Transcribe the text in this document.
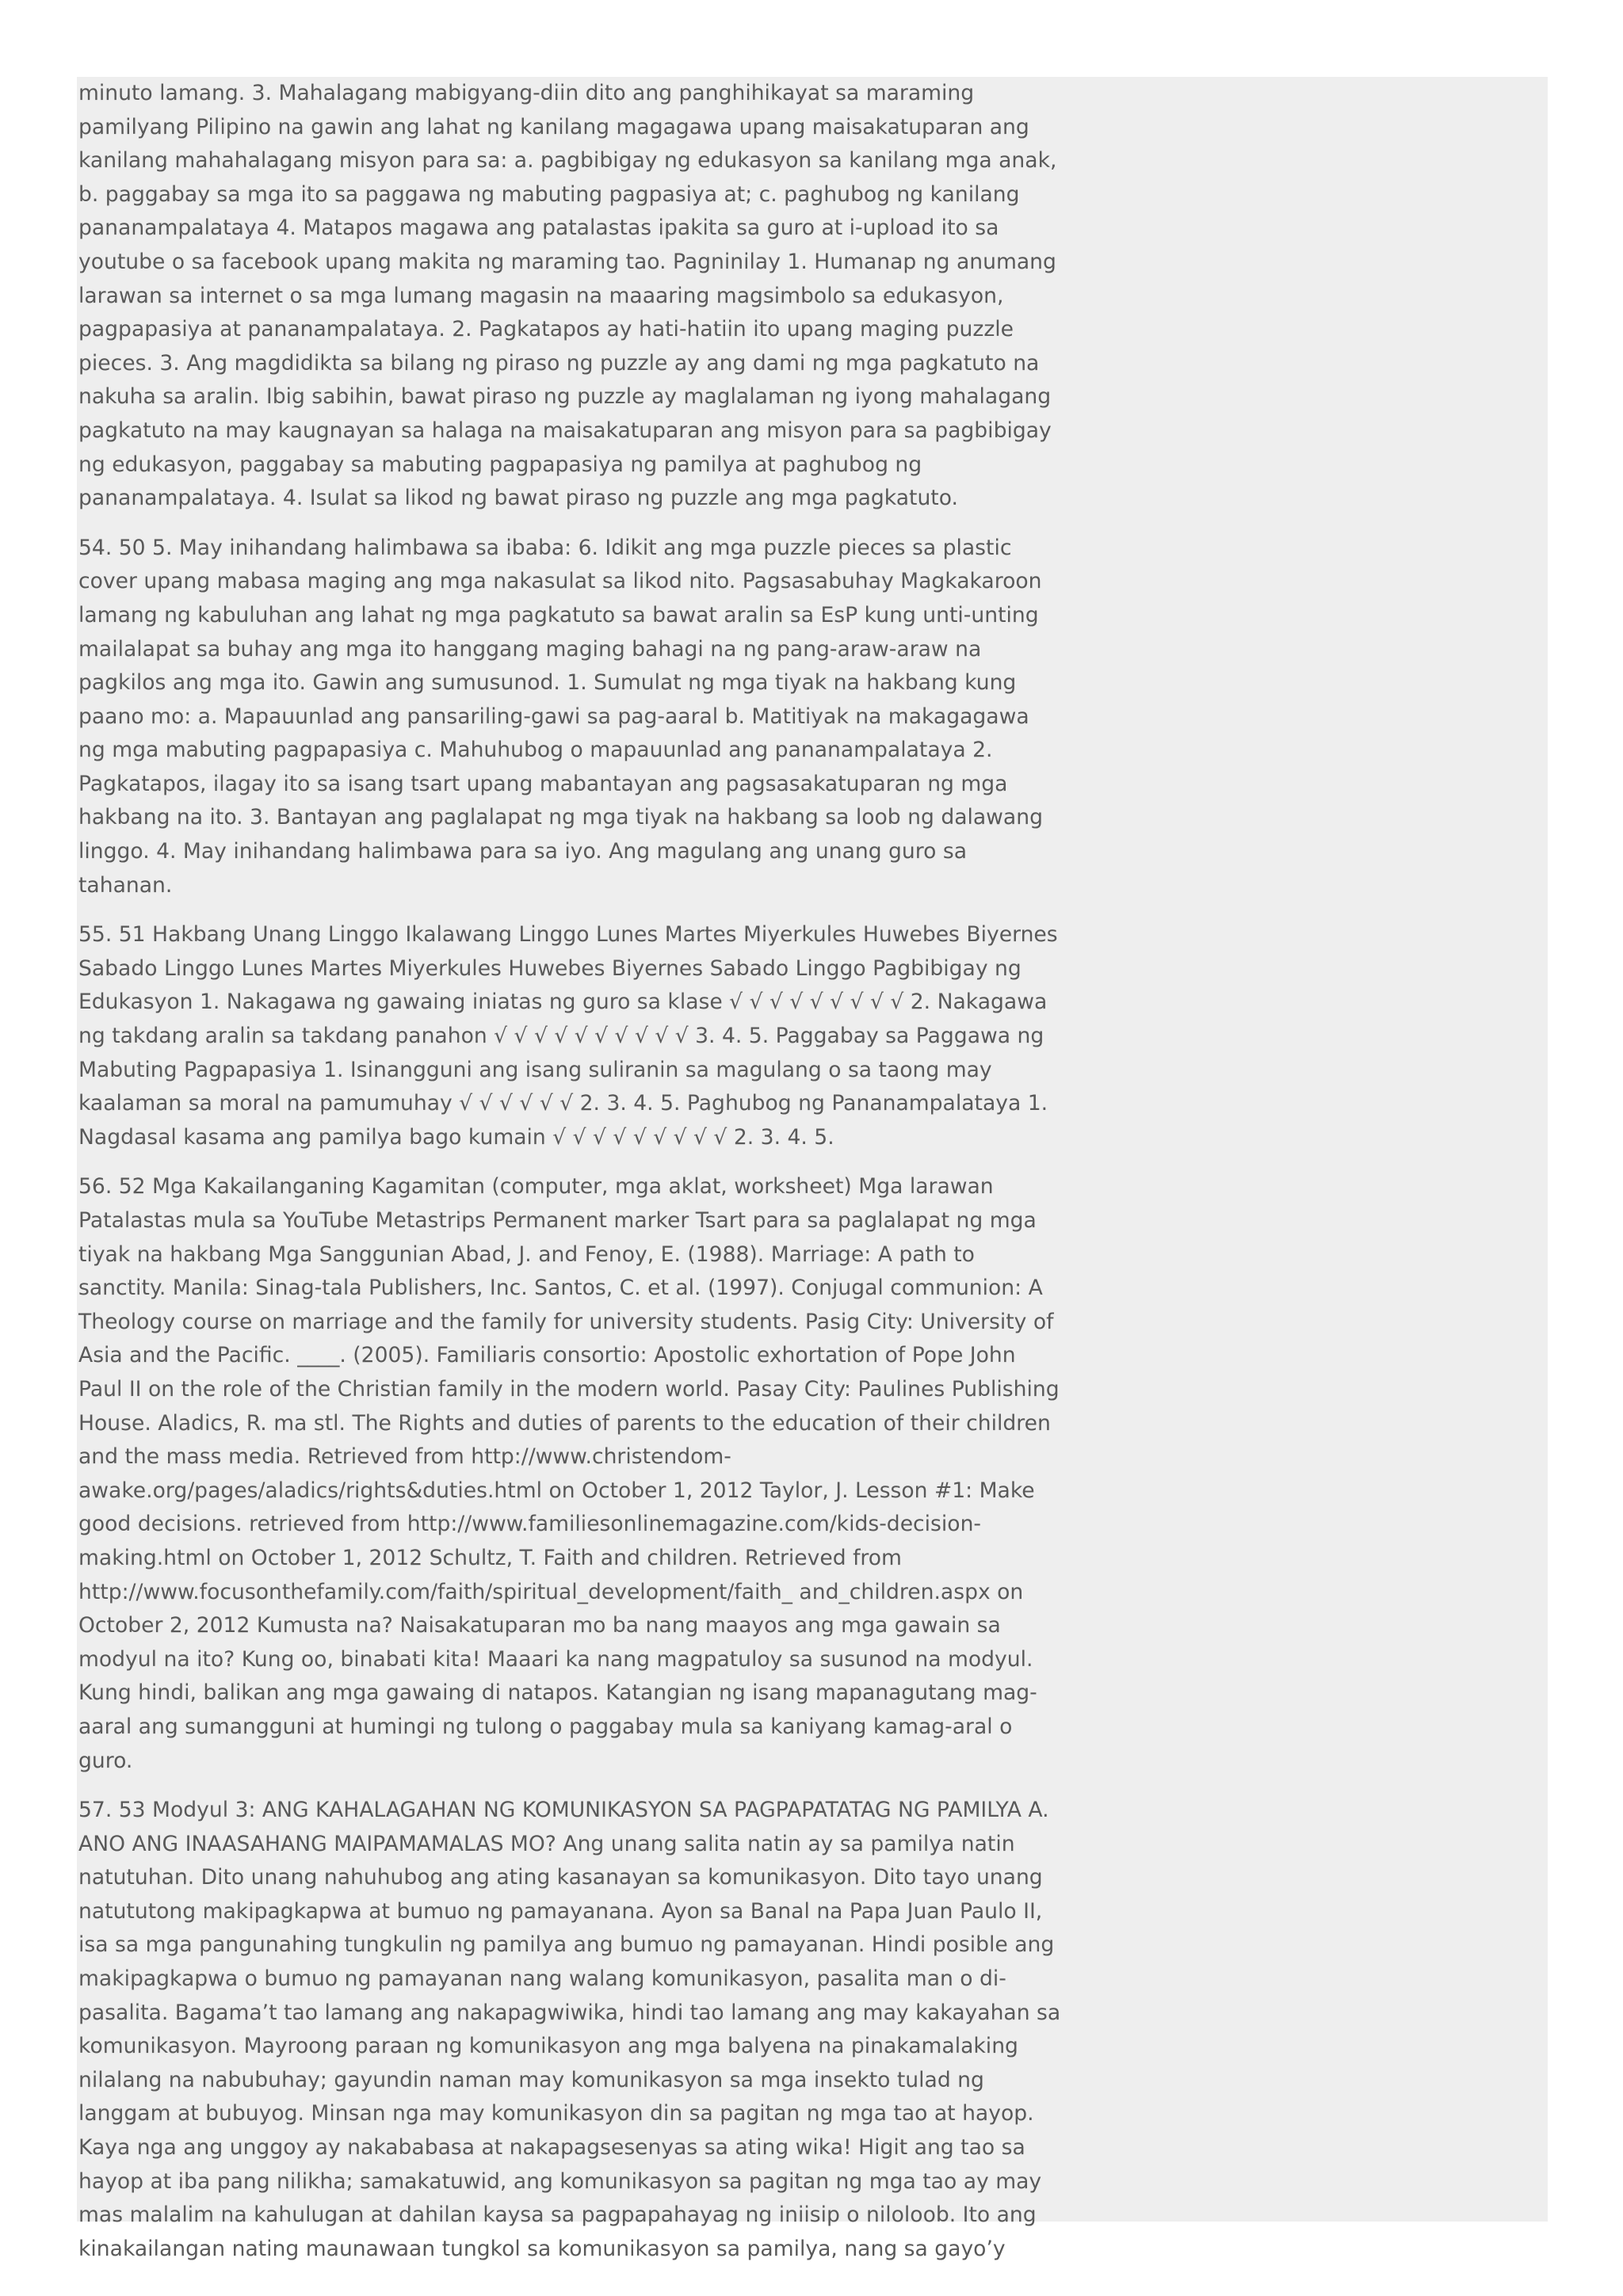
minuto lamang. 3. Mahalagang mabigyang-diin dito ang panghihikayat sa maraming pamilyang Pilipino na gawin ang lahat ng kanilang magagawa upang maisakatuparan ang kanilang mahahalagang misyon para sa: a. pagbibigay ng edukasyon sa kanilang mga anak, b. paggabay sa mga ito sa paggawa ng mabuting pagpasiya at; c. paghubog ng kanilang pananampalataya 4. Matapos magawa ang patalastas ipakita sa guro at i-upload ito sa youtube o sa facebook upang makita ng maraming tao. Pagninilay 1. Humanap ng anumang larawan sa internet o sa mga lumang magasin na maaaring magsimbolo sa edukasyon, pagpapasiya at pananampalataya. 2. Pagkatapos ay hati-hatiin ito upang maging puzzle pieces. 3. Ang magdidikta sa bilang ng piraso ng puzzle ay ang dami ng mga pagkatuto na nakuha sa aralin. Ibig sabihin, bawat piraso ng puzzle ay maglalaman ng iyong mahalagang pagkatuto na may kaugnayan sa halaga na maisakatuparan ang misyon para sa pagbibigay ng edukasyon, paggabay sa mabuting pagpapasiya ng pamilya at paghubog ng pananampalataya. 4. Isulat sa likod ng bawat piraso ng puzzle ang mga pagkatuto.

54. 50 5. May inihandang halimbawa sa ibaba: 6. Idikit ang mga puzzle pieces sa plastic cover upang mabasa maging ang mga nakasulat sa likod nito. Pagsasabuhay Magkakaroon lamang ng kabuluhan ang lahat ng mga pagkatuto sa bawat aralin sa EsP kung unti-unting mailalapat sa buhay ang mga ito hanggang maging bahagi na ng pang-araw-araw na pagkilos ang mga ito. Gawin ang sumusunod. 1. Sumulat ng mga tiyak na hakbang kung paano mo: a. Mapauunlad ang pansariling-gawi sa pag-aaral b. Matitiyak na makagagawa ng mga mabuting pagpapasiya c. Mahuhubog o mapauunlad ang pananampalataya 2. Pagkatapos, ilagay ito sa isang tsart upang mabantayan ang pagsasakatuparan ng mga hakbang na ito. 3. Bantayan ang paglalapat ng mga tiyak na hakbang sa loob ng dalawang linggo. 4. May inihandang halimbawa para sa iyo. Ang magulang ang unang guro sa tahanan.

55. 51 Hakbang Unang Linggo Ikalawang Linggo Lunes Martes Miyerkules Huwebes Biyernes Sabado Linggo Lunes Martes Miyerkules Huwebes Biyernes Sabado Linggo Pagbibigay ng Edukasyon 1. Nakagawa ng gawaing iniatas ng guro sa klase √ √ √ √ √ √ √ √ √ 2. Nakagawa ng takdang aralin sa takdang panahon √ √ √ √ √ √ √ √ √ √ 3. 4. 5. Paggabay sa Paggawa ng Mabuting Pagpapasiya 1. Isinangguni ang isang suliranin sa magulang o sa taong may kaalaman sa moral na pamumuhay √ √ √ √ √ √ 2. 3. 4. 5. Paghubog ng Pananampalataya 1. Nagdasal kasama ang pamilya bago kumain √ √ √ √ √ √ √ √ √ 2. 3. 4. 5.

56. 52 Mga Kakailanganing Kagamitan (computer, mga aklat, worksheet) Mga larawan Patalastas mula sa YouTube Metastrips Permanent marker Tsart para sa paglalapat ng mga tiyak na hakbang Mga Sanggunian Abad, J. and Fenoy, E. (1988). Marriage: A path to sanctity. Manila: Sinag-tala Publishers, Inc. Santos, C. et al. (1997). Conjugal communion: A Theology course on marriage and the family for university students. Pasig City: University of Asia and the Pacific. ____. (2005). Familiaris consortio: Apostolic exhortation of Pope John Paul II on the role of the Christian family in the modern world. Pasay City: Paulines Publishing House. Aladics, R. ma stl. The Rights and duties of parents to the education of their children and the mass media. Retrieved from http://www.christendom-awake.org/pages/aladics/rights&duties.html on October 1, 2012 Taylor, J. Lesson #1: Make good decisions. retrieved from http://www.familiesonlinemagazine.com/kids-decision-making.html on October 1, 2012 Schultz, T. Faith and children. Retrieved from http://www.focusonthefamily.com/faith/spiritual_development/faith_ and_children.aspx on October 2, 2012 Kumusta na? Naisakatuparan mo ba nang maayos ang mga gawain sa modyul na ito? Kung oo, binabati kita! Maaari ka nang magpatuloy sa susunod na modyul. Kung hindi, balikan ang mga gawaing di natapos. Katangian ng isang mapanagutang mag-aaral ang sumangguni at humingi ng tulong o paggabay mula sa kaniyang kamag-aral o guro.

57. 53 Modyul 3: ANG KAHALAGAHAN NG KOMUNIKASYON SA PAGPAPATATAG NG PAMILYA A. ANO ANG INAASAHANG MAIPAMAMALAS MO? Ang unang salita natin ay sa pamilya natin natutuhan. Dito unang nahuhubog ang ating kasanayan sa komunikasyon. Dito tayo unang natututong makipagkapwa at bumuo ng pamayanana. Ayon sa Banal na Papa Juan Paulo II, isa sa mga pangunahing tungkulin ng pamilya ang bumuo ng pamayanan. Hindi posible ang makipagkapwa o bumuo ng pamayanan nang walang komunikasyon, pasalita man o di-pasalita. Bagama’t tao lamang ang nakapagwiwika, hindi tao lamang ang may kakayahan sa komunikasyon. Mayroong paraan ng komunikasyon ang mga balyena na pinakamalaking nilalang na nabubuhay; gayundin naman may komunikasyon sa mga insekto tulad ng langgam at bubuyog. Minsan nga may komunikasyon din sa pagitan ng mga tao at hayop. Kaya nga ang unggoy ay nakababasa at nakapagsesenyas sa ating wika! Higit ang tao sa hayop at iba pang nilikha; samakatuwid, ang komunikasyon sa pagitan ng mga tao ay may mas malalim na kahulugan at dahilan kaysa sa pagpapahayag ng iniisip o niloloob. Ito ang kinakailangan nating maunawaan tungkol sa komunikasyon sa pamilya, nang sa gayo’y
